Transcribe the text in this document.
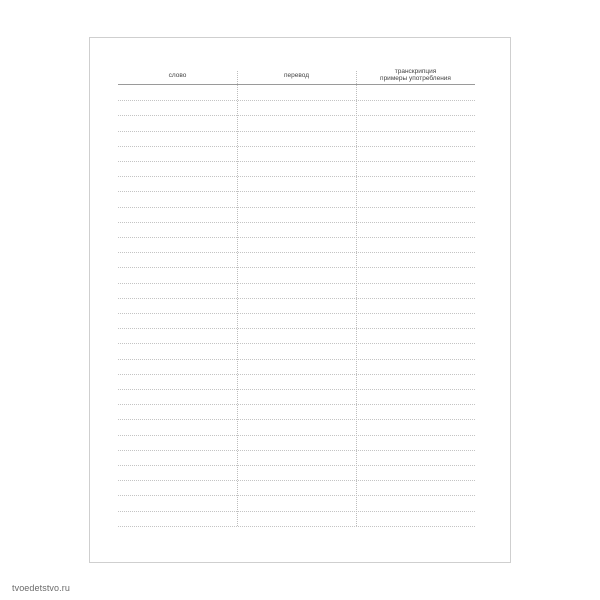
слово	перевод	транскрипция
примеры употребления
tvoedetstvo.ru
